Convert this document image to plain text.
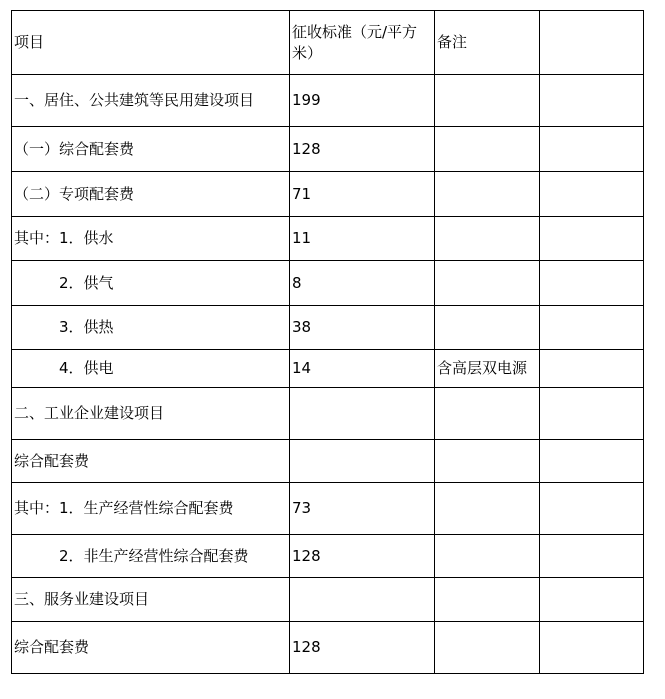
项目	征收标准（元/平方米）	备注	
一、居住、公共建筑等民用建设项目	199		
（一）综合配套费	128		
（二）专项配套费	71		
其中：1．供水	11		
　　　2．供气	8		
　　　3．供热	38		
　　　4．供电	14	含高层双电源	
二、工业企业建设项目			
综合配套费			
其中：1．生产经营性综合配套费	73		
　　　2．非生产经营性综合配套费	128		
三、服务业建设项目			
综合配套费	128		
